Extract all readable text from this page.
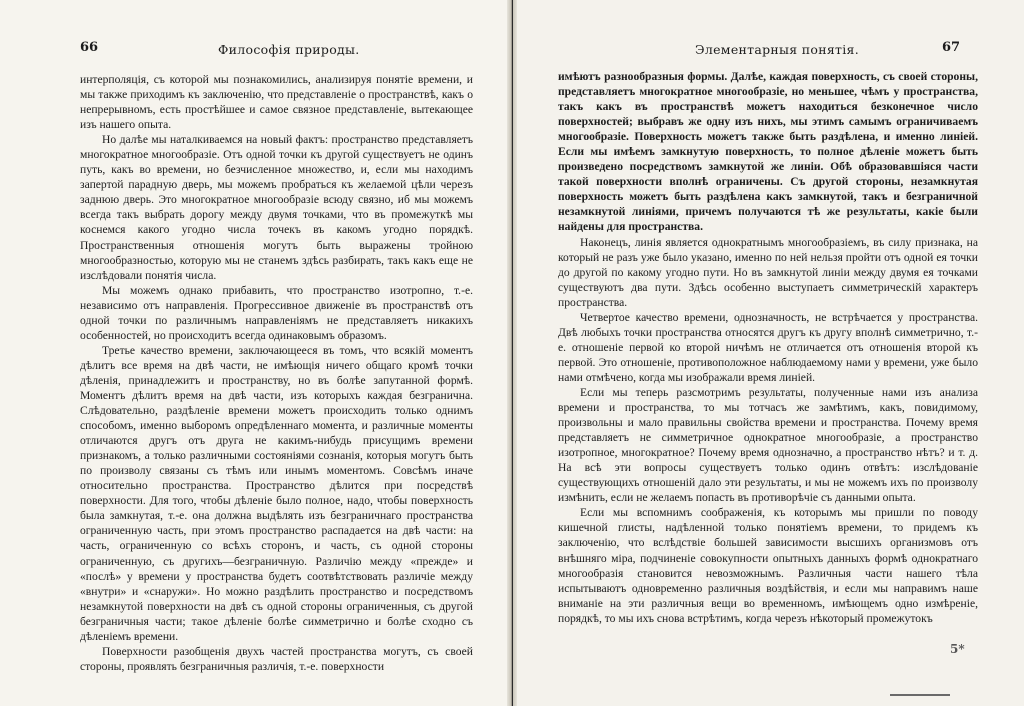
66	Философія природы.

интерполяція, съ которой мы познакомились, анализируя понятіе времени, и мы также приходимъ къ заключенію, что представленіе о пространствѣ, какъ о непрерывномъ, есть простѣйшее и самое связное представленіе, вытекающее изъ нашего опыта.

Но далѣе мы наталкиваемся на новый фактъ: пространство представляетъ многократное многообразіе. Отъ одной точки къ другой существуетъ не одинъ путь, какъ во времени, но безчисленное множество, и, если мы находимъ запертой парадную дверь, мы можемъ пробраться къ желаемой цѣли черезъ заднюю дверь. Это многократное многообразіе всюду связно, иб мы можемъ всегда такъ выбрать дорогу между двумя точками, что въ промежуткѣ мы коснемся какого угодно числа точекъ въ какомъ угодно порядкѣ. Пространственныя отношенія могутъ быть выражены тройною многообразностью, которую мы не станемъ здѣсь разбирать, такъ какъ еще не изслѣдовали понятія числа.

Мы можемъ однако прибавить, что пространство изотропно, т.-е. независимо отъ направленія. Прогрессивное движеніе въ пространствѣ отъ одной точки по различнымъ направленіямъ не представляетъ никакихъ особенностей, но происходитъ всегда одинаковымъ образомъ.

Третье качество времени, заключающееся въ томъ, что всякій моментъ дѣлитъ все время на двѣ части, не имѣющія ничего общаго кромѣ точки дѣленія, принадлежитъ и пространству, но въ болѣе запутанной формѣ. Моментъ дѣлитъ время на двѣ части, изъ которыхъ каждая безгранична. Слѣдовательно, раздѣленіе времени можетъ происходить только однимъ способомъ, именно выборомъ опредѣленнаго момента, и различные моменты отличаются другъ отъ друга не какимъ-нибудь присущимъ времени признакомъ, а только различными состояніями сознанія, которыя могутъ быть по произволу связаны съ тѣмъ или инымъ моментомъ. Совсѣмъ иначе относительно пространства. Пространство дѣлится при посредствѣ поверхности. Для того, чтобы дѣленіе было полное, надо, чтобы поверхность была замкнутая, т.-е. она должна выдѣлять изъ безграничнаго пространства ограниченную часть, при этомъ пространство распадается на двѣ части: на часть, ограниченную со всѣхъ сторонъ, и часть, съ одной стороны ограниченную, съ другихъ—безграничную. Различію между «прежде» и «послѣ» у времени у пространства будетъ соотвѣтствовать различіе между «внутри» и «снаружи». Но можно раздѣлить пространство и посредствомъ незамкнутой поверхности на двѣ съ одной стороны ограниченныя, съ другой безграничныя части; такое дѣленіе болѣе симметрично и болѣе сходно съ дѣленіемъ времени.

Поверхности разобщенія двухъ частей пространства могутъ, съ своей стороны, проявлять безграничныя различія, т.-е. поверхности

Элементарныя понятія.	67

имѣютъ разнообразныя формы. Далѣе, каждая поверхность, съ своей стороны, представляетъ многократное многообразіе, но меньшее, чѣмъ у пространства, такъ какъ въ пространствѣ можетъ находиться безконечное число поверхностей; выбравъ же одну изъ нихъ, мы этимъ самымъ ограничиваемъ многообразіе. Поверхность можетъ также быть раздѣлена, и именно линіей. Если мы имѣемъ замкнутую поверхность, то полное дѣленіе можетъ быть произведено посредствомъ замкнутой же линіи. Обѣ образовавшіяся части такой поверхности вполнѣ ограничены. Съ другой стороны, незамкнутая поверхность можетъ быть раздѣлена какъ замкнутой, такъ и безграничной незамкнутой линіями, причемъ получаются тѣ же результаты, какіе были найдены для пространства.

Наконецъ, линія является однократнымъ многообразіемъ, въ силу признака, на который не разъ уже было указано, именно по ней нельзя пройти отъ одной ея точки до другой по какому угодно пути. Но въ замкнутой линіи между двумя ея точками существуютъ два пути. Здѣсь особенно выступаетъ симметрическій характеръ пространства.

Четвертое качество времени, однозначность, не встрѣчается у пространства. Двѣ любыхъ точки пространства относятся другъ къ другу вполнѣ симметрично, т.-е. отношеніе первой ко второй ничѣмъ не отличается отъ отношенія второй къ первой. Это отношеніе, противоположное наблюдаемому нами у времени, уже было нами отмѣчено, когда мы изображали время линіей.

Если мы теперь разсмотримъ результаты, полученные нами изъ анализа времени и пространства, то мы тотчасъ же замѣтимъ, какъ, повидимому, произвольны и мало правильны свойства времени и пространства. Почему время представляетъ не симметричное однократное многообразіе, а пространство изотропное, многократное? Почему время однозначно, а пространство нѣтъ? и т. д. На всѣ эти вопросы существуетъ только одинъ отвѣтъ: изслѣдованіе существующихъ отношеній дало эти результаты, и мы не можемъ ихъ по произволу измѣнить, если не желаемъ попасть въ противорѣчіе съ данными опыта.

Если мы вспомнимъ соображенія, къ которымъ мы пришли по поводу кишечной глисты, надѣленной только понятіемъ времени, то придемъ къ заключенію, что вслѣдствіе большей зависимости высшихъ организмовъ отъ внѣшняго міра, подчиненіе совокупности опытныхъ данныхъ формѣ однократнаго многообразія становится невозможнымъ. Различныя части нашего тѣла испытываютъ одновременно различныя воздѣйствія, и если мы направимъ наше вниманіе на эти различныя вещи во временномъ, имѣющемъ одно измѣреніе, порядкѣ, то мы ихъ снова встрѣтимъ, когда черезъ нѣкоторый промежутокъ

5*
